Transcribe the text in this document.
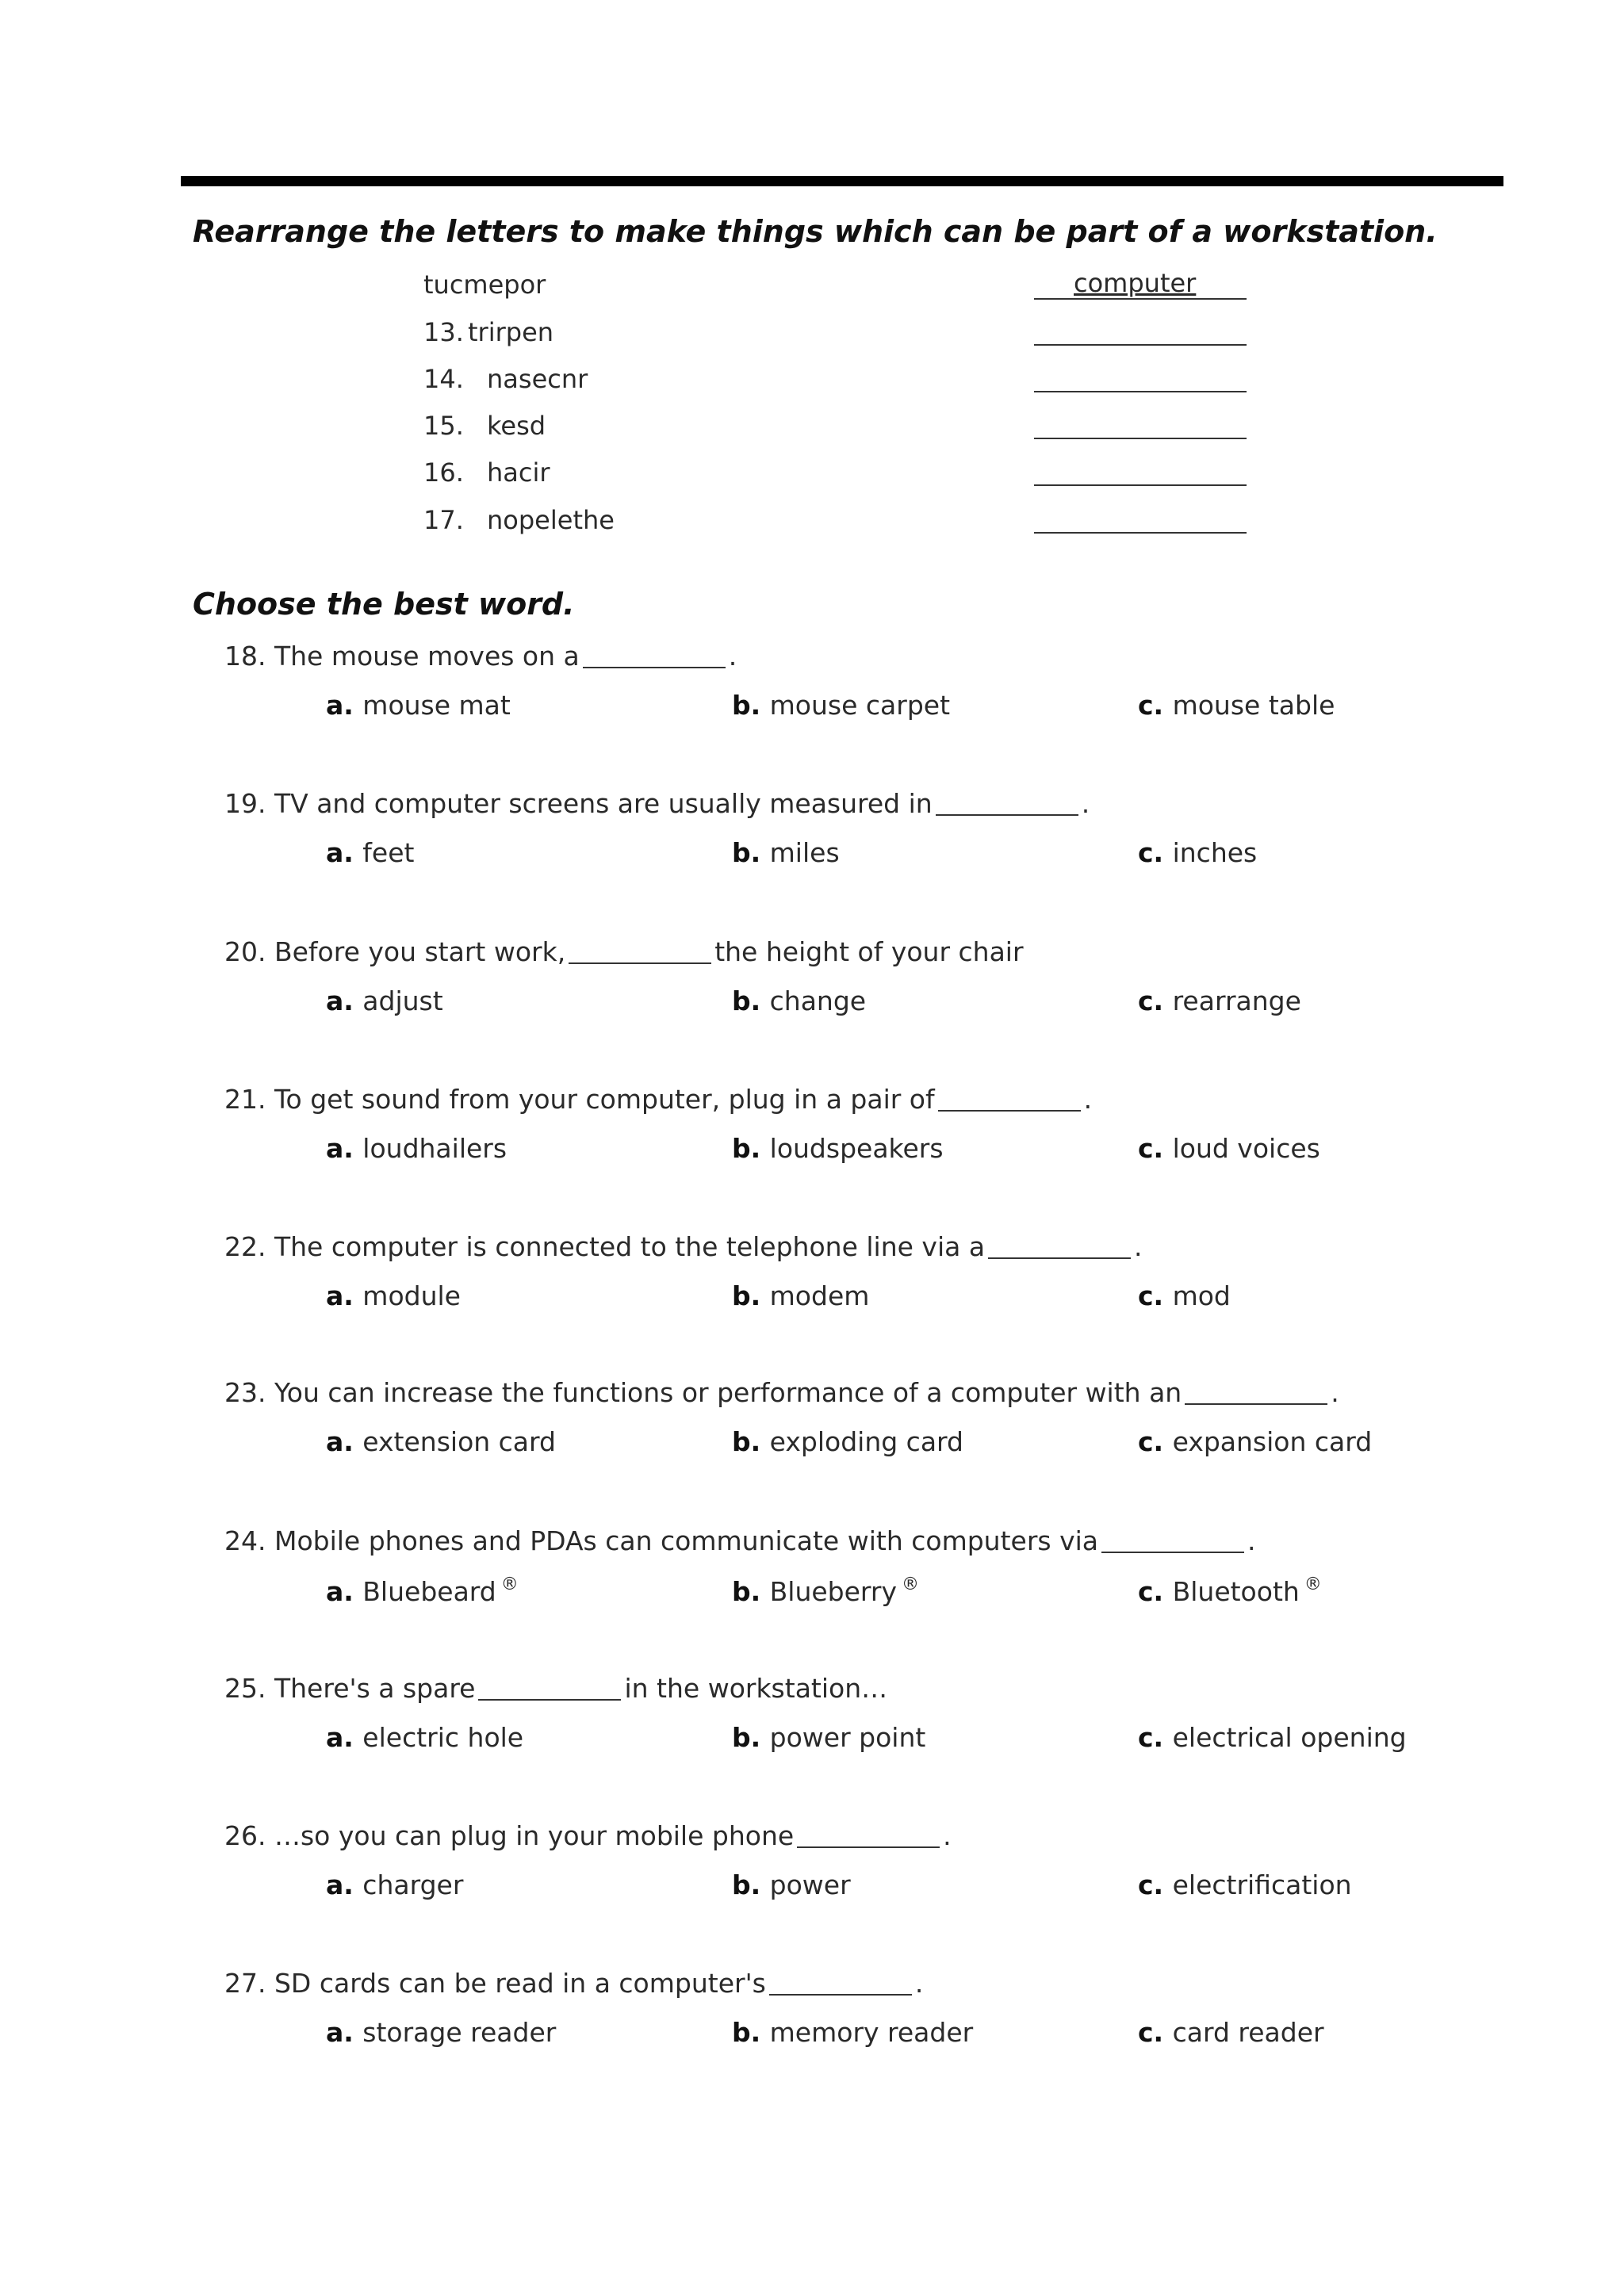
Rearrange the letters to make things which can be part of a workstation.
tucmepor	computer
13. trirpen
14. nasecnr
15. kesd
16. hacir
17. nopelethe
Choose the best word.
18. The mouse moves on a	.
a. mouse mat	b. mouse carpet	c. mouse table
19. TV and computer screens are usually measured in	.
a. feet	b. miles	c. inches
20. Before you start work,	the height of your chair
a. adjust	b. change	c. rearrange
21. To get sound from your computer, plug in a pair of	.
a. loudhailers	b. loudspeakers	c. loud voices
22. The computer is connected to the telephone line via a	.
a. module	b. modem	c. mod
23. You can increase the functions or performance of a computer with an	.
a. extension card	b. exploding card	c. expansion card
24. Mobile phones and PDAs can communicate with computers via	.
a. Bluebeard ®	b. Blueberry ®	c. Bluetooth ®
25. There's a spare	in the workstation…
a. electric hole	b. power point	c. electrical opening
26. …so you can plug in your mobile phone	.
a. charger	b. power	c. electrification
27. SD cards can be read in a computer's	.
a. storage reader	b. memory reader	c. card reader
